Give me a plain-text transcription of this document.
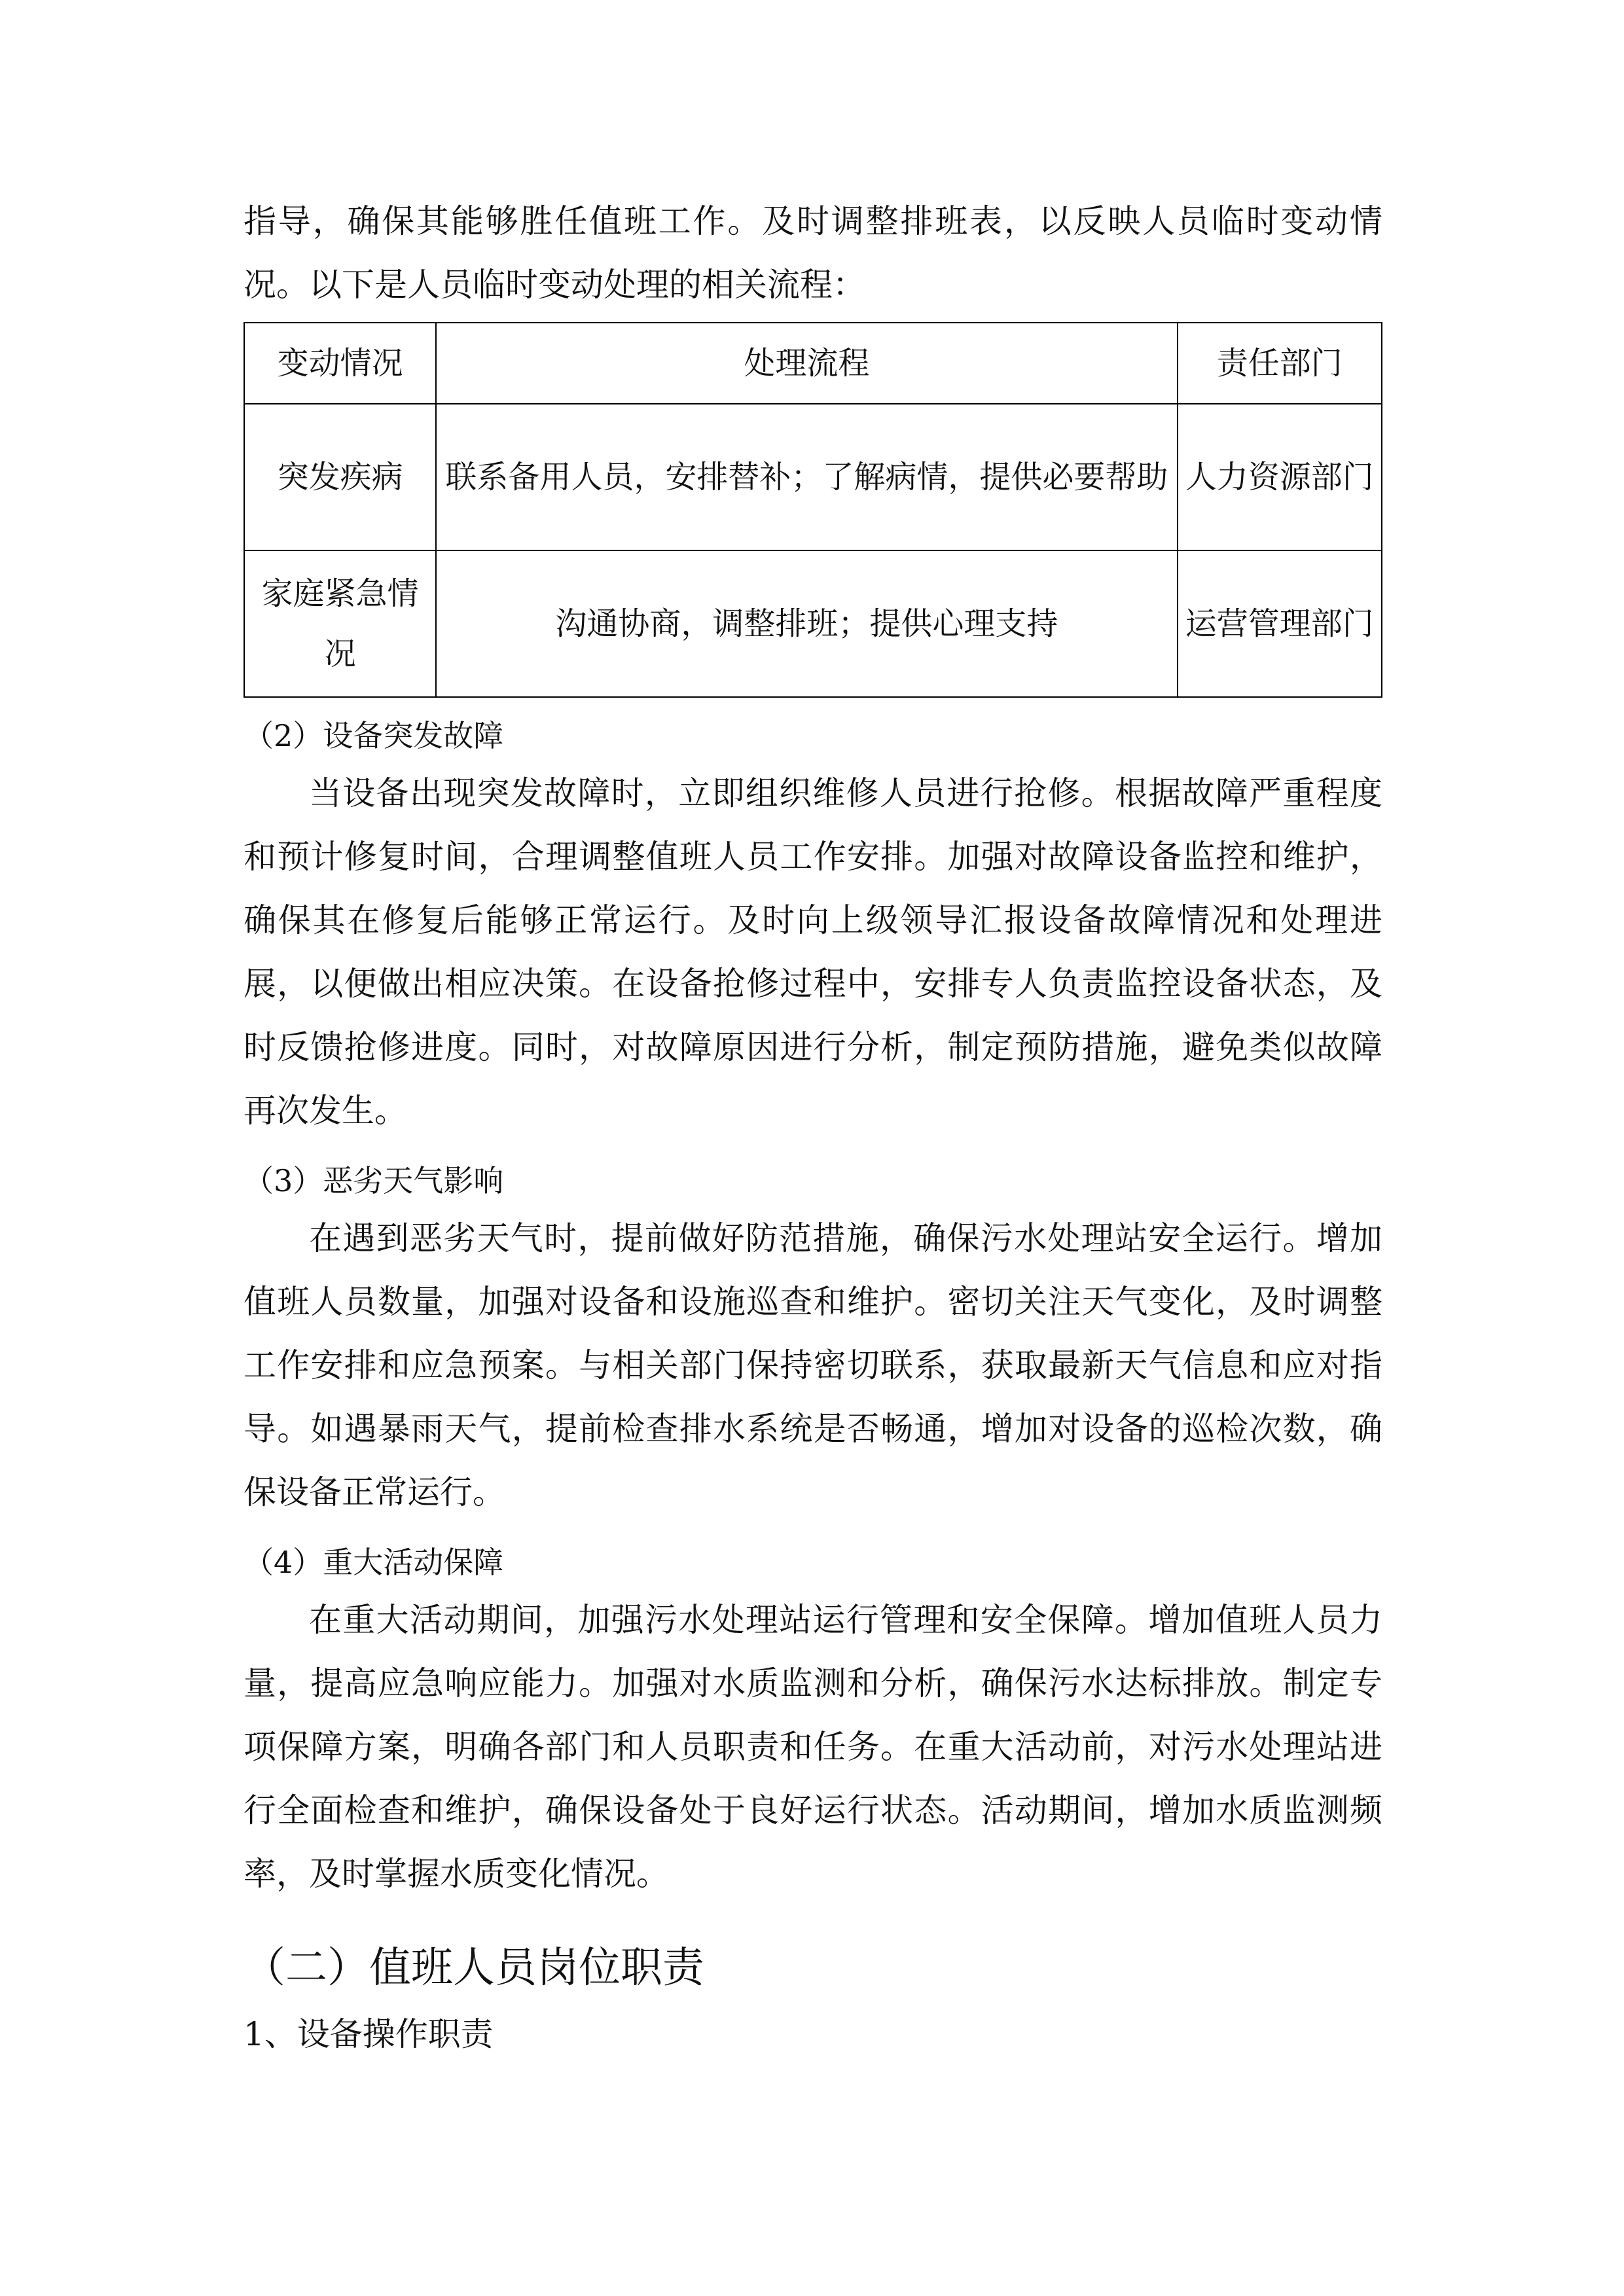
指导，确保其能够胜任值班工作。及时调整排班表，以反映人员临时变动情况。以下是人员临时变动处理的相关流程：

变动情况	处理流程	责任部门
突发疾病	联系备用人员，安排替补；了解病情，提供必要帮助	人力资源部门
家庭紧急情况	沟通协商，调整排班；提供心理支持	运营管理部门

（2）设备突发故障

当设备出现突发故障时，立即组织维修人员进行抢修。根据故障严重程度和预计修复时间，合理调整值班人员工作安排。加强对故障设备监控和维护，确保其在修复后能够正常运行。及时向上级领导汇报设备故障情况和处理进展，以便做出相应决策。在设备抢修过程中，安排专人负责监控设备状态，及时反馈抢修进度。同时，对故障原因进行分析，制定预防措施，避免类似故障再次发生。

（3）恶劣天气影响

在遇到恶劣天气时，提前做好防范措施，确保污水处理站安全运行。增加值班人员数量，加强对设备和设施巡查和维护。密切关注天气变化，及时调整工作安排和应急预案。与相关部门保持密切联系，获取最新天气信息和应对指导。如遇暴雨天气，提前检查排水系统是否畅通，增加对设备的巡检次数，确保设备正常运行。

（4）重大活动保障

在重大活动期间，加强污水处理站运行管理和安全保障。增加值班人员力量，提高应急响应能力。加强对水质监测和分析，确保污水达标排放。制定专项保障方案，明确各部门和人员职责和任务。在重大活动前，对污水处理站进行全面检查和维护，确保设备处于良好运行状态。活动期间，增加水质监测频率，及时掌握水质变化情况。

（二）值班人员岗位职责

1、设备操作职责
